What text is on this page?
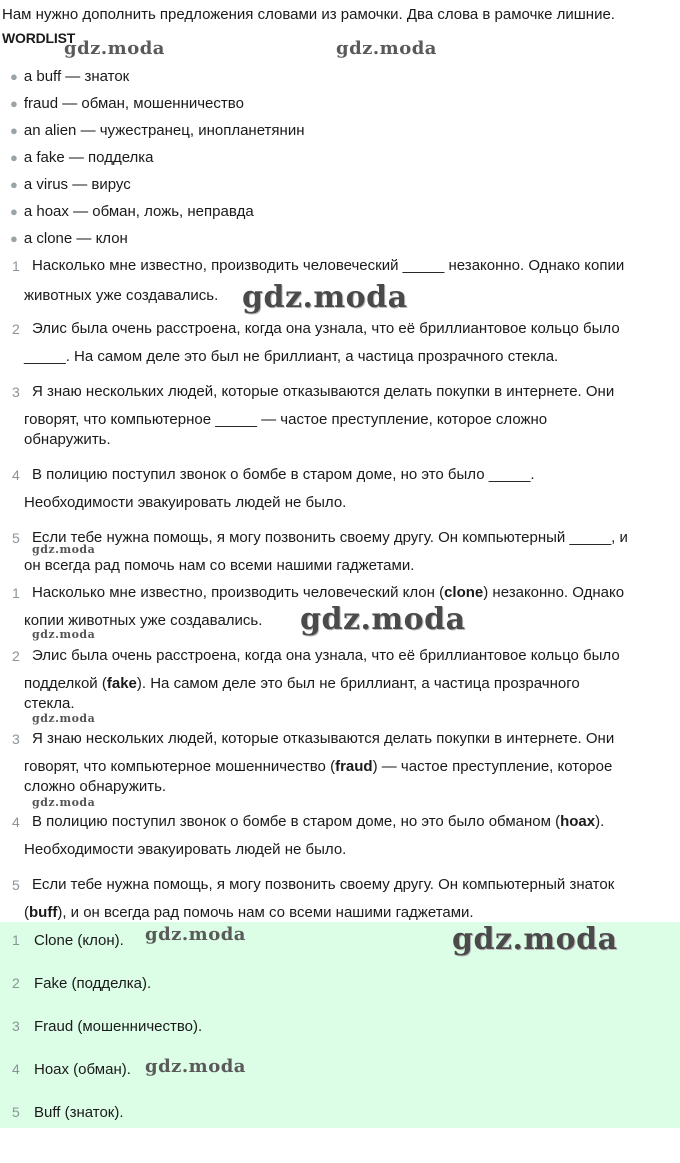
Нам нужно дополнить предложения словами из рамочки. Два слова в рамочке лишние.
WORDLIST
● a buff — знаток
● fraud — обман, мошенничество
● an alien — чужестранец, инопланетянин
● a fake — подделка
● a virus — вирус
● a hoax — обман, ложь, неправда
● a clone — клон
1 Насколько мне известно, производить человеческий _____ незаконно. Однако копии
животных уже создавались.
2 Элис была очень расстроена, когда она узнала, что её бриллиантовое кольцо было
_____. На самом деле это был не бриллиант, а частица прозрачного стекла.
3 Я знаю нескольких людей, которые отказываются делать покупки в интернете. Они
говорят, что компьютерное _____ — частое преступление, которое сложно
обнаружить.
4 В полицию поступил звонок о бомбе в старом доме, но это было _____.
Необходимости эвакуировать людей не было.
5 Если тебе нужна помощь, я могу позвонить своему другу. Он компьютерный _____, и
он всегда рад помочь нам со всеми нашими гаджетами.
1 Насколько мне известно, производить человеческий клон (clone) незаконно. Однако
копии животных уже создавались.
2 Элис была очень расстроена, когда она узнала, что её бриллиантовое кольцо было
подделкой (fake). На самом деле это был не бриллиант, а частица прозрачного
стекла.
3 Я знаю нескольких людей, которые отказываются делать покупки в интернете. Они
говорят, что компьютерное мошенничество (fraud) — частое преступление, которое
сложно обнаружить.
4 В полицию поступил звонок о бомбе в старом доме, но это было обманом (hoax).
Необходимости эвакуировать людей не было.
5 Если тебе нужна помощь, я могу позвонить своему другу. Он компьютерный знаток
(buff), и он всегда рад помочь нам со всеми нашими гаджетами.
1 Clone (клон).
2 Fake (подделка).
3 Fraud (мошенничество).
4 Hoax (обман).
5 Buff (знаток).
gdz.moda	gdz.moda
gdz.moda
gdz.moda
gdz.moda
gdz.moda
gdz.moda
gdz.moda
gdz.moda	gdz.moda
gdz.moda
